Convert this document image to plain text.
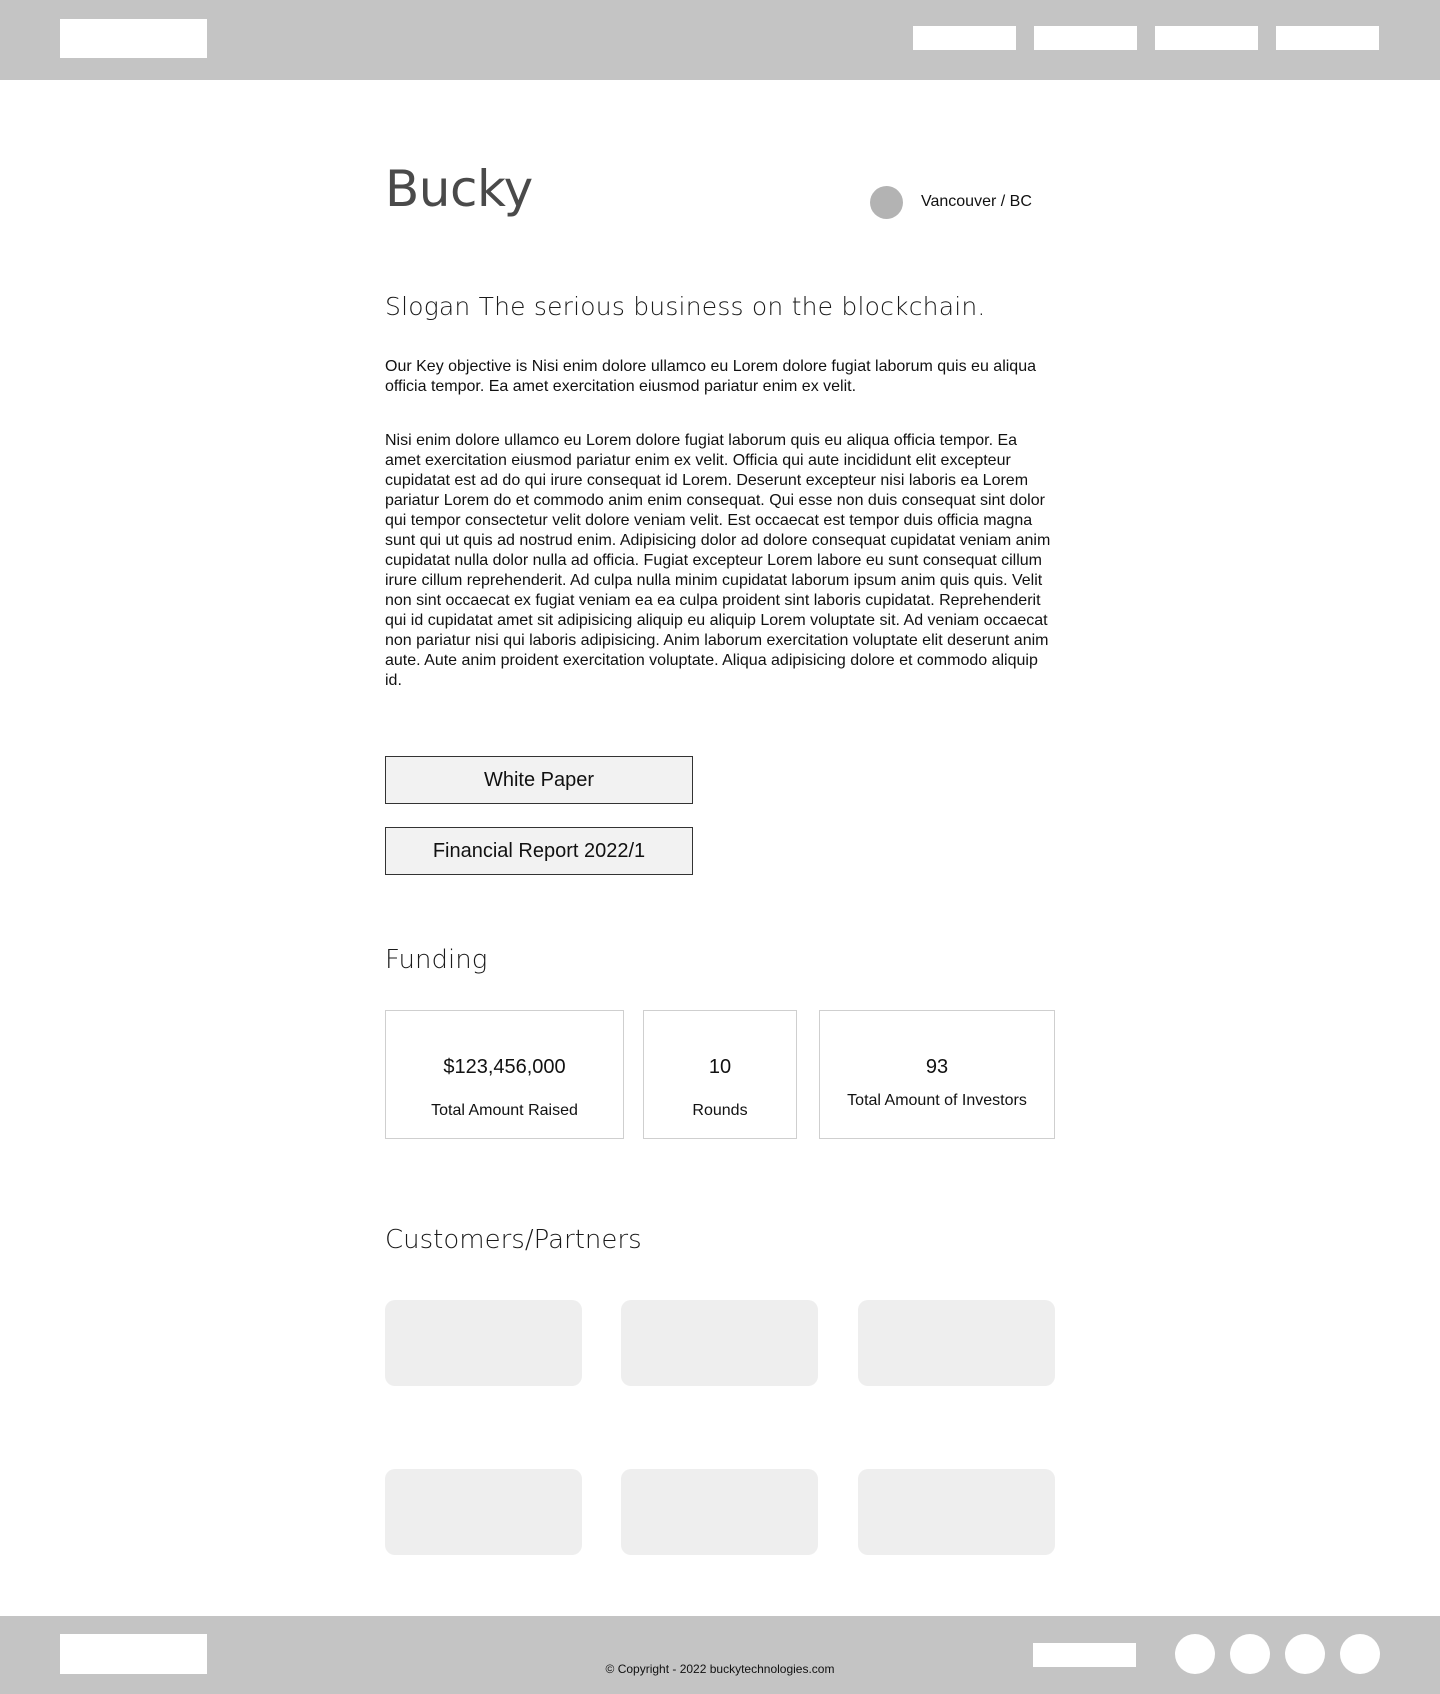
Bucky	Vancouver / BC
Slogan The serious business on the blockchain.

Our Key objective is Nisi enim dolore ullamco eu Lorem dolore fugiat laborum quis eu aliqua officia tempor. Ea amet exercitation eiusmod pariatur enim ex velit.

Nisi enim dolore ullamco eu Lorem dolore fugiat laborum quis eu aliqua officia tempor. Ea amet exercitation eiusmod pariatur enim ex velit. Officia qui aute incididunt elit excepteur cupidatat est ad do qui irure consequat id Lorem. Deserunt excepteur nisi laboris ea Lorem pariatur Lorem do et commodo anim enim consequat. Qui esse non duis consequat sint dolor qui tempor consectetur velit dolore veniam velit. Est occaecat est tempor duis officia magna sunt qui ut quis ad nostrud enim. Adipisicing dolor ad dolore consequat cupidatat veniam anim cupidatat nulla dolor nulla ad officia. Fugiat excepteur Lorem labore eu sunt consequat cillum irure cillum reprehenderit. Ad culpa nulla minim cupidatat laborum ipsum anim quis quis. Velit non sint occaecat ex fugiat veniam ea ea culpa proident sint laboris cupidatat. Reprehenderit qui id cupidatat amet sit adipisicing aliquip eu aliquip Lorem voluptate sit. Ad veniam occaecat non pariatur nisi qui laboris adipisicing. Anim laborum exercitation voluptate elit deserunt anim aute. Aute anim proident exercitation voluptate. Aliqua adipisicing dolore et commodo aliquip id.

White Paper
Financial Report 2022/1
Funding
$123,456,000
Total Amount Raised
10
Rounds
93
Total Amount of Investors
Customers/Partners
© Copyright - 2022 buckytechnologies.com
